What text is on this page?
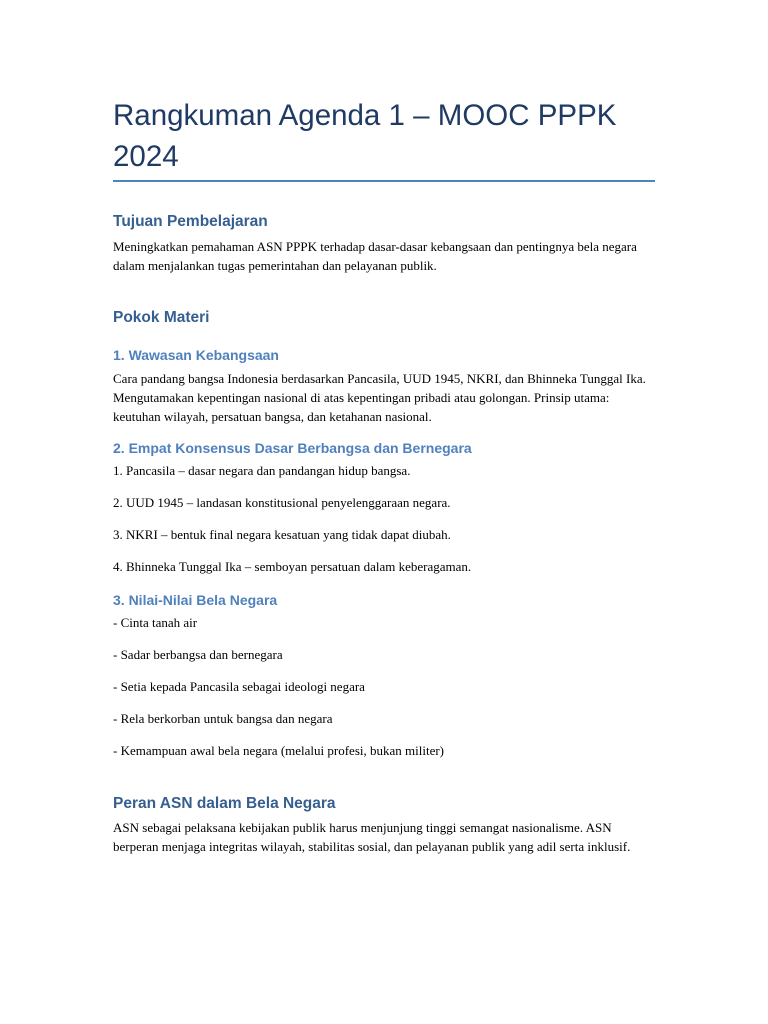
Rangkuman Agenda 1 – MOOC PPPK 2024
Tujuan Pembelajaran

Meningkatkan pemahaman ASN PPPK terhadap dasar-dasar kebangsaan dan pentingnya bela negara dalam menjalankan tugas pemerintahan dan pelayanan publik.

Pokok Materi
1. Wawasan Kebangsaan

Cara pandang bangsa Indonesia berdasarkan Pancasila, UUD 1945, NKRI, dan Bhinneka Tunggal Ika. Mengutamakan kepentingan nasional di atas kepentingan pribadi atau golongan. Prinsip utama: keutuhan wilayah, persatuan bangsa, dan ketahanan nasional.

2. Empat Konsensus Dasar Berbangsa dan Bernegara

1. Pancasila – dasar negara dan pandangan hidup bangsa.

2. UUD 1945 – landasan konstitusional penyelenggaraan negara.

3. NKRI – bentuk final negara kesatuan yang tidak dapat diubah.

4. Bhinneka Tunggal Ika – semboyan persatuan dalam keberagaman.

3. Nilai-Nilai Bela Negara

- Cinta tanah air

- Sadar berbangsa dan bernegara

- Setia kepada Pancasila sebagai ideologi negara

- Rela berkorban untuk bangsa dan negara

- Kemampuan awal bela negara (melalui profesi, bukan militer)

Peran ASN dalam Bela Negara

ASN sebagai pelaksana kebijakan publik harus menjunjung tinggi semangat nasionalisme. ASN berperan menjaga integritas wilayah, stabilitas sosial, dan pelayanan publik yang adil serta inklusif.
